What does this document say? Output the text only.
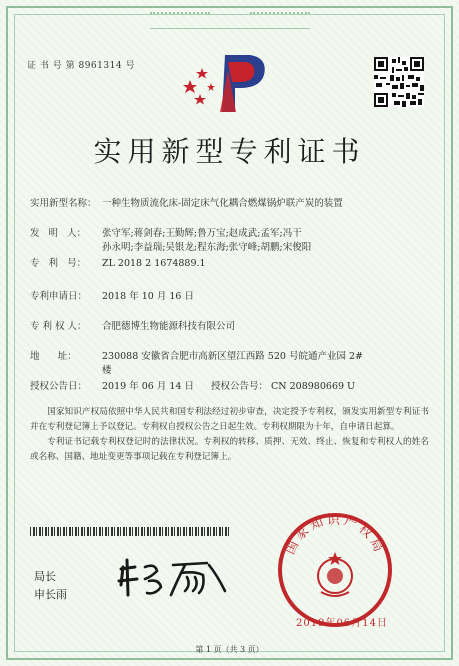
证 书 号 第 8961314 号
实用新型专利证书
实用新型名称： 一种生物质流化床-固定床气化耦合燃煤锅炉联产炭的装置
发   明   人：	张守军;蒋剑春;王勤辉;鲁万宝;赵成武;孟军;冯干
孙永明;李益瑞;吴银龙;程东海;张守峰;胡鹏;宋俊阳
专   利   号：	ZL 2018 2 1674889.1
专利申请日：	2018 年 10 月 16 日
专 利 权 人：	合肥德博生物能源科技有限公司
地      址：	230088 安徽省合肥市高新区望江西路 520 号皖通产业园 2#
楼
授权公告日：	2019 年 06 月 14 日 授权公告号： CN 208980669 U

国家知识产权局依照中华人民共和国专利法经过初步审查，决定授予专利权，颁发实用新型专利证书并在专利登记簿上予以登记。专利权自授权公告之日起生效。专利权期限为十年，自申请日起算。

专利证书记载专利权登记时的法律状况。专利权的转移、质押、无效、终止、恢复和专利权人的姓名或名称、国籍、地址变更等事项记载在专利登记簿上。

局长
申长雨
国家知识产权局
2019年06月14日
第 1 页（共 3 页）
